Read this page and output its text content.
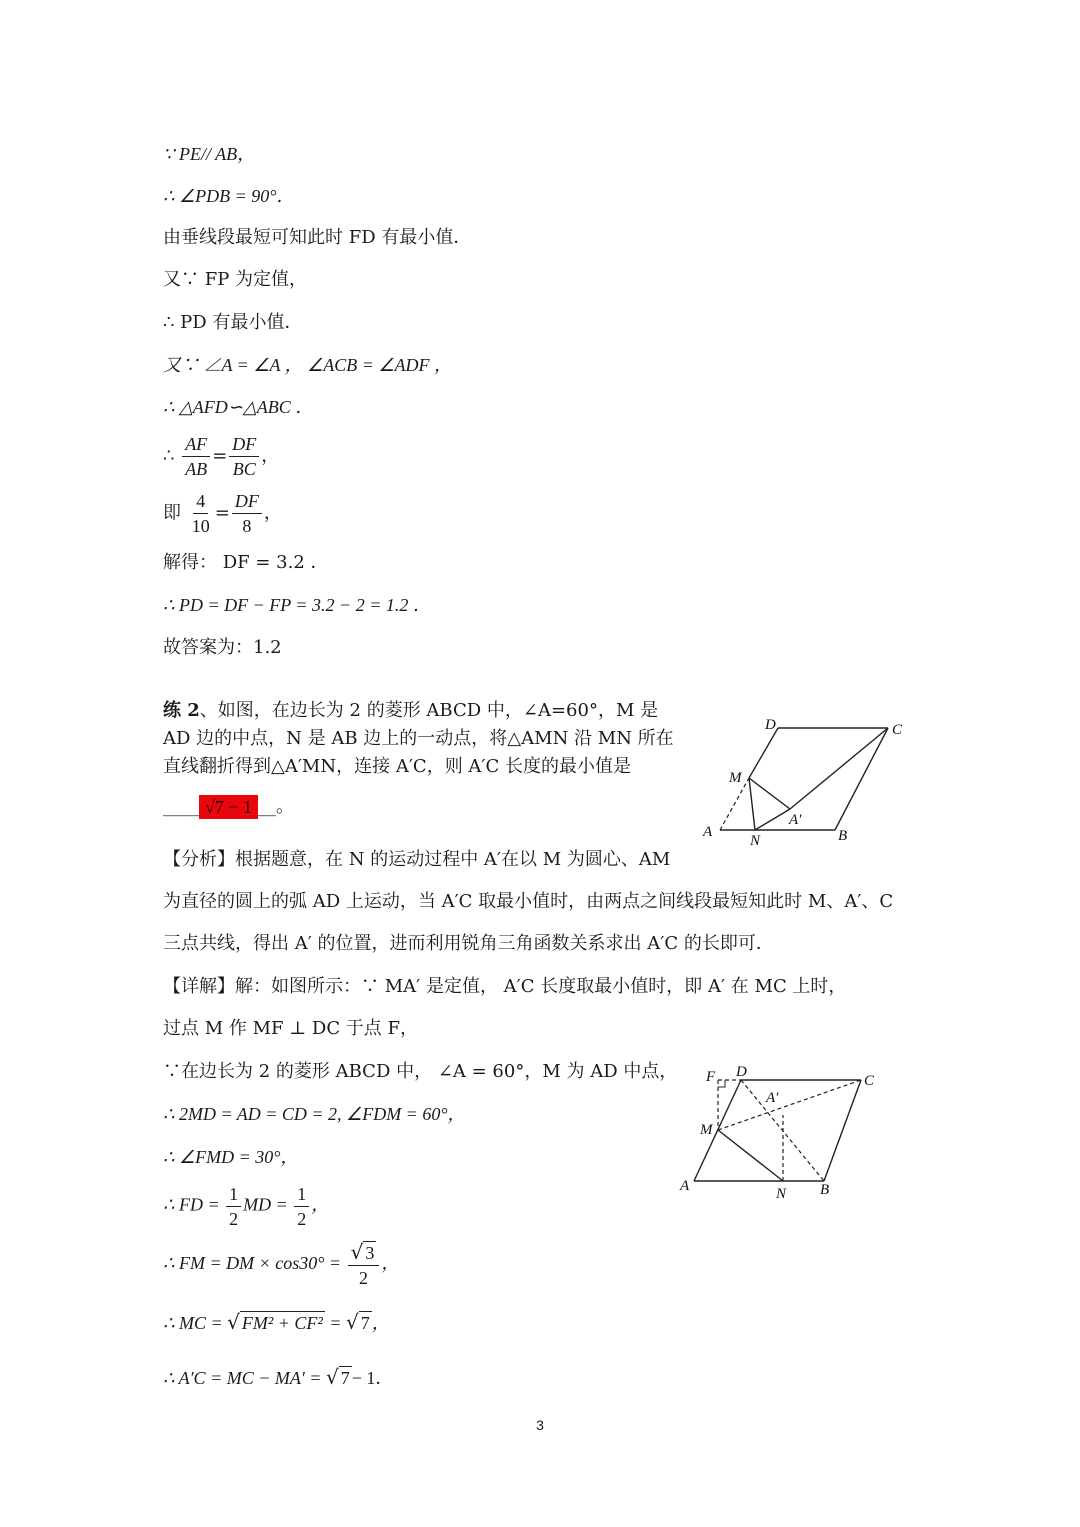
∵ PE// AB，
∴ ∠PDB = 90°．
由垂线段最短可知此时 FD 有最小值．
又∵ FP 为定值，
∴ PD 有最小值．
又∵ ∠A = ∠A ， ∠ACB = ∠ADF ，
∴ △AFD∽△ABC ．
∴ $\frac{AF}{AB} = \frac{DF}{BC}$ ，
即 $\frac{4}{10} = \frac{DF}{8}$ ，
解得： DF = 3.2 ．
∴ PD = DF − FP = 3.2 − 2 = 1.2 ．
故答案为：1.2
练 2、如图，在边长为 2 的菱形 ABCD 中，∠A=60°，M 是 AD 边的中点，N 是 AB 边上的一动点，将△AMN 沿 MN 所在直线翻折得到△A′MN，连接 A′C，则 A′C 长度的最小值是
____ √7 − 1 __。
D	C
M
A′
A
N	B
【分析】根据题意，在 N 的运动过程中 A′在以 M 为圆心、AM
为直径的圆上的弧 AD 上运动，当 A′C 取最小值时，由两点之间线段最短知此时 M、A′、C
三点共线，得出 A′ 的位置，进而利用锐角三角函数关系求出 A′C 的长即可．
【详解】解：如图所示：∵ MA′ 是定值， A′C 长度取最小值时，即 A′ 在 MC 上时，
过点 M 作 MF ⊥ DC 于点 F，
∵在边长为 2 的菱形 ABCD 中， ∠A = 60°，M 为 AD 中点，
∴ 2MD = AD = CD = 2, ∠FDM = 60°，
∴ ∠FMD = 30°，
∴ FD = $\frac{1}{2}$ MD = $\frac{1}{2}$ ，
∴ FM = DM × $\cos 30^\circ = \frac{√ 3}{2}$ ，
∴ MC = √ FM² + CF² = √ 7 ，
∴ A′C = MC − MA′ = √ 7 − 1．
F D
C
A′
M
A	N B
3
